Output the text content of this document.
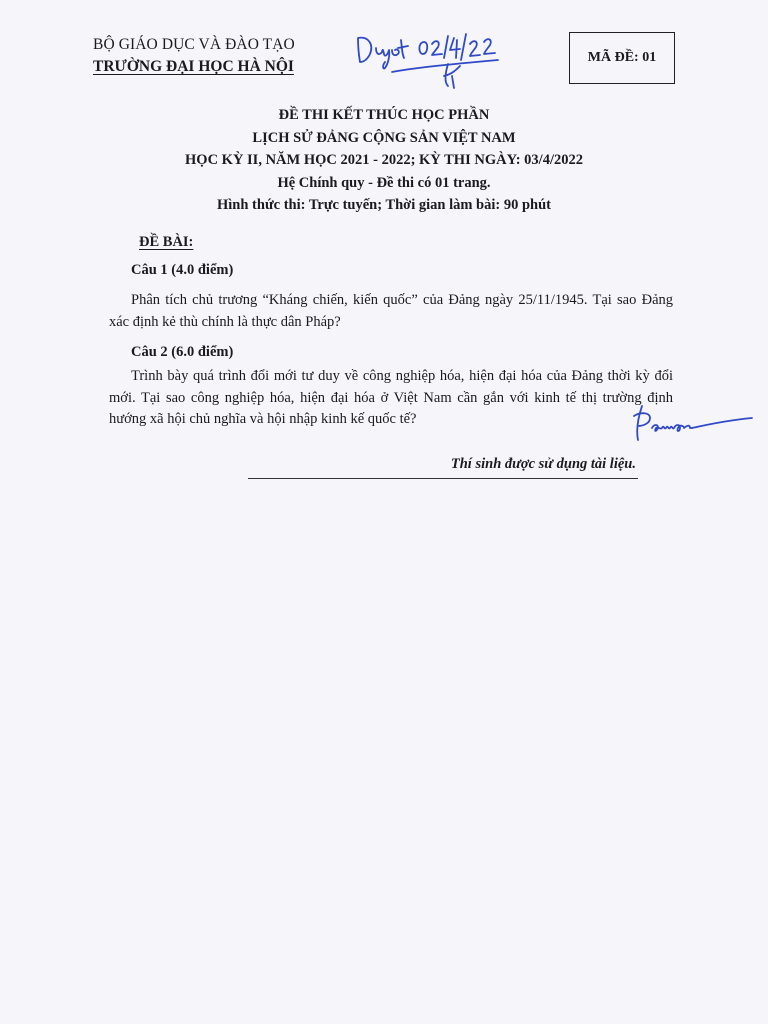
BỘ GIÁO DỤC VÀ ĐÀO TẠO
TRƯỜNG ĐẠI HỌC HÀ NỘI
MÃ ĐỀ: 01
ĐỀ THI KẾT THÚC HỌC PHẦN
LỊCH SỬ ĐẢNG CỘNG SẢN VIỆT NAM
HỌC KỲ II, NĂM HỌC 2021 - 2022; KỲ THI NGÀY: 03/4/2022
Hệ Chính quy - Đề thi có 01 trang.
Hình thức thi: Trực tuyến; Thời gian làm bài: 90 phút
ĐỀ BÀI:
Câu 1 (4.0 điểm)
Phân tích chủ trương “Kháng chiến, kiến quốc” của Đảng ngày 25/11/1945. Tại sao Đảng xác định kẻ thù chính là thực dân Pháp?
Câu 2 (6.0 điểm)
Trình bày quá trình đổi mới tư duy về công nghiệp hóa, hiện đại hóa của Đảng thời kỳ đổi mới. Tại sao công nghiệp hóa, hiện đại hóa ở Việt Nam cần gắn với kinh tế thị trường định hướng xã hội chủ nghĩa và hội nhập kinh kế quốc tế?
Thí sinh được sử dụng tài liệu.
